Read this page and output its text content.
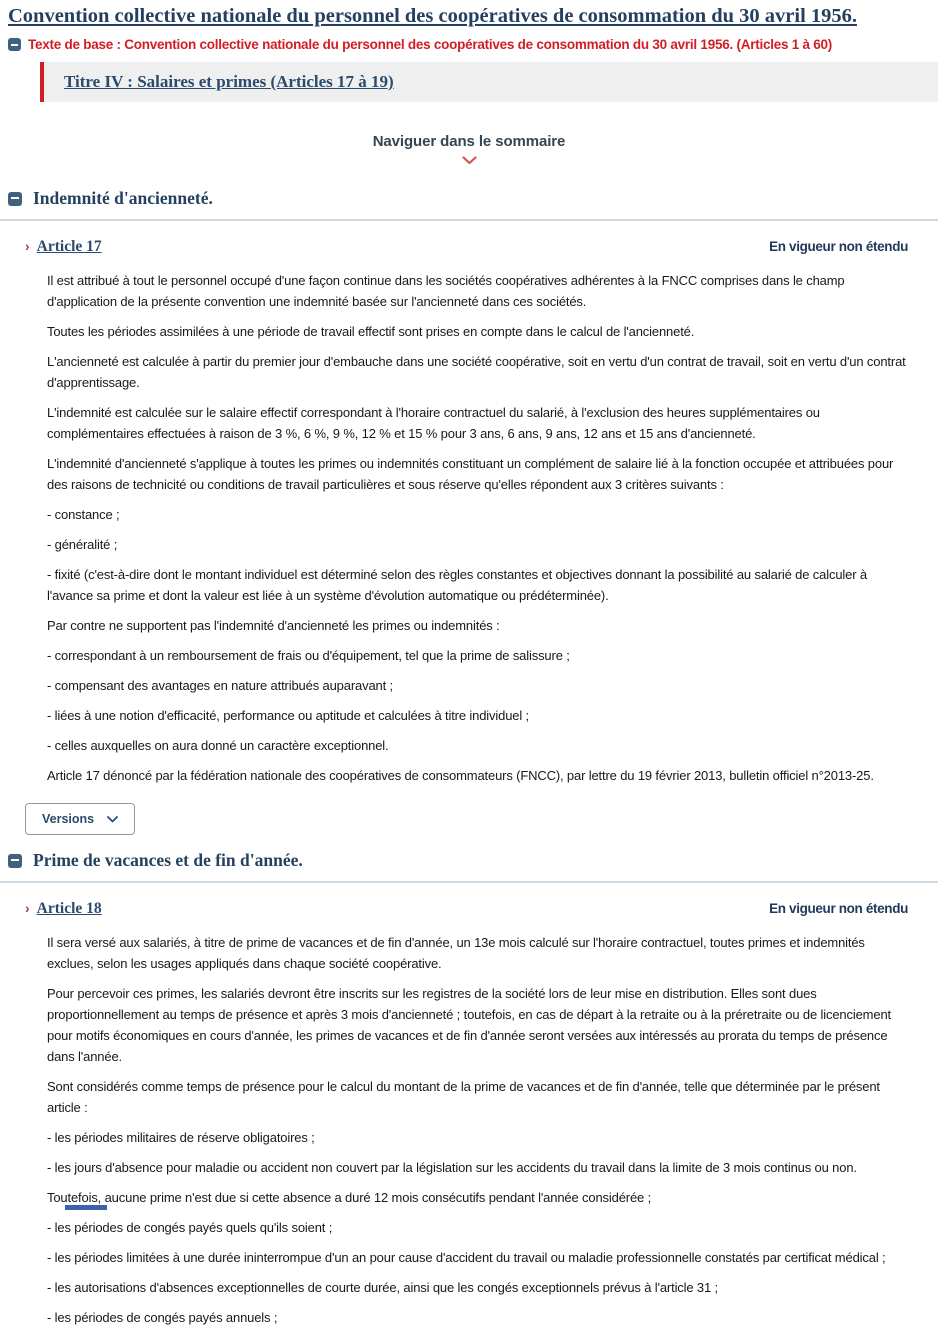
Convention collective nationale du personnel des coopératives de consommation du 30 avril 1956.
Texte de base : Convention collective nationale du personnel des coopératives de consommation du 30 avril 1956. (Articles 1 à 60)
Titre IV : Salaires et primes (Articles 17 à 19)
Naviguer dans le sommaire
Indemnité d'ancienneté.
› Article 17	En vigueur non étendu

Il est attribué à tout le personnel occupé d'une façon continue dans les sociétés coopératives adhérentes à la FNCC comprises dans le champ d'application de la présente convention une indemnité basée sur l'ancienneté dans ces sociétés.

Toutes les périodes assimilées à une période de travail effectif sont prises en compte dans le calcul de l'ancienneté.

L'ancienneté est calculée à partir du premier jour d'embauche dans une société coopérative, soit en vertu d'un contrat de travail, soit en vertu d'un contrat d'apprentissage.

L'indemnité est calculée sur le salaire effectif correspondant à l'horaire contractuel du salarié, à l'exclusion des heures supplémentaires ou complémentaires effectuées à raison de 3 %, 6 %, 9 %, 12 % et 15 % pour 3 ans, 6 ans, 9 ans, 12 ans et 15 ans d'ancienneté.

L'indemnité d'ancienneté s'applique à toutes les primes ou indemnités constituant un complément de salaire lié à la fonction occupée et attribuées pour des raisons de technicité ou conditions de travail particulières et sous réserve qu'elles répondent aux 3 critères suivants :

- constance ;

- généralité ;

- fixité (c'est-à-dire dont le montant individuel est déterminé selon des règles constantes et objectives donnant la possibilité au salarié de calculer à l'avance sa prime et dont la valeur est liée à un système d'évolution automatique ou prédéterminée).

Par contre ne supportent pas l'indemnité d'ancienneté les primes ou indemnités :

- correspondant à un remboursement de frais ou d'équipement, tel que la prime de salissure ;

- compensant des avantages en nature attribués auparavant ;

- liées à une notion d'efficacité, performance ou aptitude et calculées à titre individuel ;

- celles auxquelles on aura donné un caractère exceptionnel.

Article 17 dénoncé par la fédération nationale des coopératives de consommateurs (FNCC), par lettre du 19 février 2013, bulletin officiel n°2013-25.

Versions
Prime de vacances et de fin d'année.
› Article 18	En vigueur non étendu

Il sera versé aux salariés, à titre de prime de vacances et de fin d'année, un 13e mois calculé sur l'horaire contractuel, toutes primes et indemnités exclues, selon les usages appliqués dans chaque société coopérative.

Pour percevoir ces primes, les salariés devront être inscrits sur les registres de la société lors de leur mise en distribution. Elles sont dues proportionnellement au temps de présence et après 3 mois d'ancienneté ; toutefois, en cas de départ à la retraite ou à la préretraite ou de licenciement pour motifs économiques en cours d'année, les primes de vacances et de fin d'année seront versées aux intéressés au prorata du temps de présence dans l'année.

Sont considérés comme temps de présence pour le calcul du montant de la prime de vacances et de fin d'année, telle que déterminée par le présent article :

- les périodes militaires de réserve obligatoires ;

- les jours d'absence pour maladie ou accident non couvert par la législation sur les accidents du travail dans la limite de 3 mois continus ou non.

Toutefois, aucune prime n'est due si cette absence a duré 12 mois consécutifs pendant l'année considérée ;

- les périodes de congés payés quels qu'ils soient ;

- les périodes limitées à une durée ininterrompue d'un an pour cause d'accident du travail ou maladie professionnelle constatés par certificat médical ;

- les autorisations d'absences exceptionnelles de courte durée, ainsi que les congés exceptionnels prévus à l'article 31 ;

- les périodes de congés payés annuels ;
